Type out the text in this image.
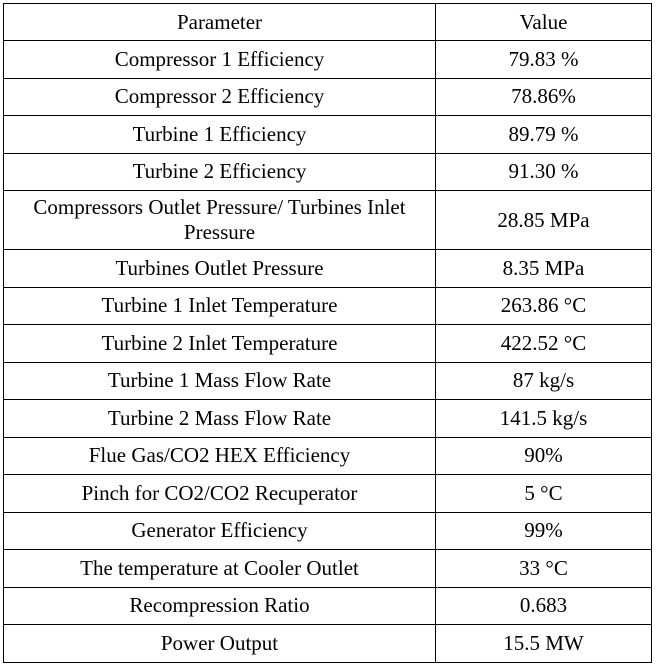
Parameter	Value
Compressor 1 Efficiency	79.83 %
Compressor 2 Efficiency	78.86%
Turbine 1 Efficiency	89.79 %
Turbine 2 Efficiency	91.30 %
Compressors Outlet Pressure/ Turbines Inlet Pressure	28.85 MPa
Turbines Outlet Pressure	8.35 MPa
Turbine 1 Inlet Temperature	263.86 °C
Turbine 2 Inlet Temperature	422.52 °C
Turbine 1 Mass Flow Rate	87 kg/s
Turbine 2 Mass Flow Rate	141.5 kg/s
Flue Gas/CO2 HEX Efficiency	90%
Pinch for CO2/CO2 Recuperator	5 °C
Generator Efficiency	99%
The temperature at Cooler Outlet	33 °C
Recompression Ratio	0.683
Power Output	15.5 MW
